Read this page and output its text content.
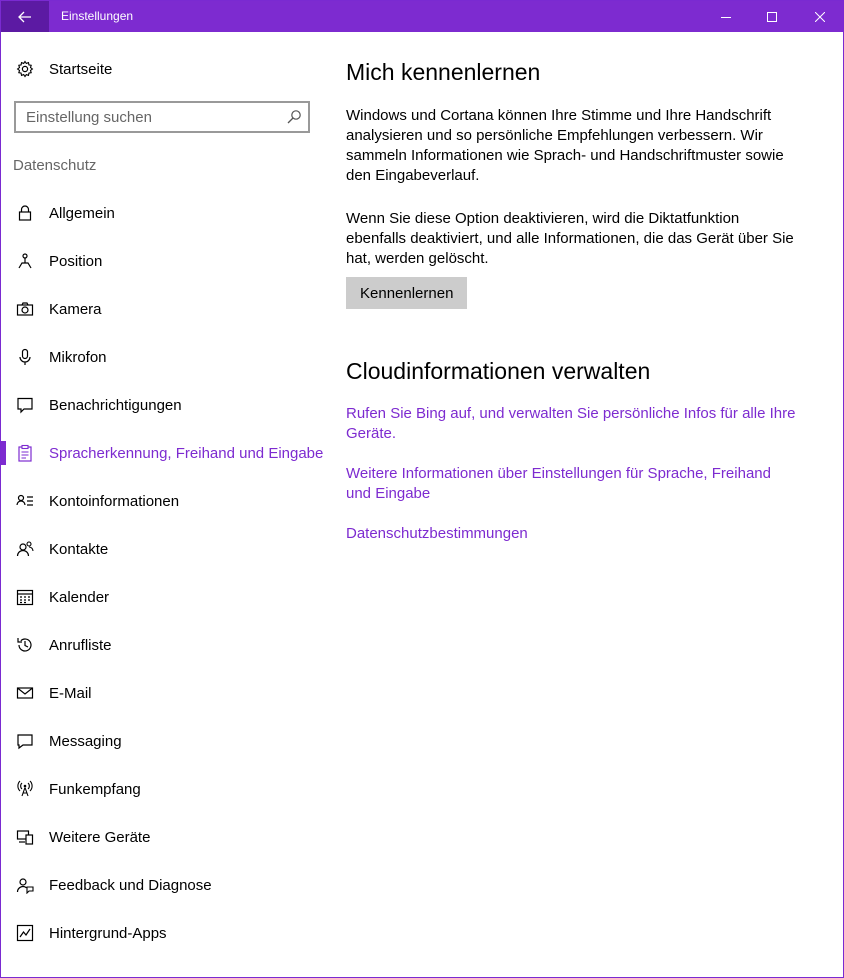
Einstellungen
Startseite
Einstellung suchen
Datenschutz
Allgemein
Position
Kamera
Mikrofon
Benachrichtigungen
Spracherkennung, Freihand und Eingabe
Kontoinformationen
Kontakte
Kalender
Anrufliste
E-Mail
Messaging
Funkempfang
Weitere Geräte
Feedback und Diagnose
Hintergrund-Apps
Mich kennenlernen

Windows und Cortana können Ihre Stimme und Ihre Handschrift analysieren und so persönliche Empfehlungen verbessern. Wir sammeln Informationen wie Sprach- und Handschriftmuster sowie den Eingabeverlauf.

Wenn Sie diese Option deaktivieren, wird die Diktatfunktion ebenfalls deaktiviert, und alle Informationen, die das Gerät über Sie hat, werden gelöscht.

Kennenlernen
Cloudinformationen verwalten
Rufen Sie Bing auf, und verwalten Sie persönliche Infos für alle Ihre Geräte.
Weitere Informationen über Einstellungen für Sprache, Freihand und Eingabe
Datenschutzbestimmungen
